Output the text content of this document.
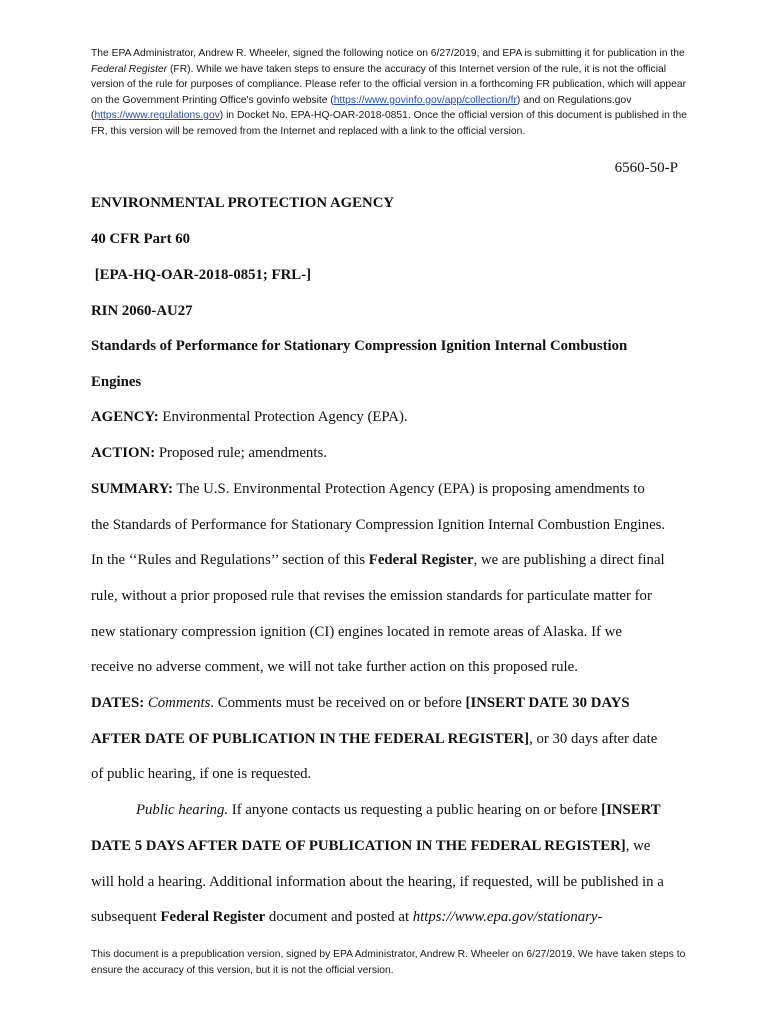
The EPA Administrator, Andrew R. Wheeler, signed the following notice on 6/27/2019, and EPA is submitting it for publication in the Federal Register (FR). While we have taken steps to ensure the accuracy of this Internet version of the rule, it is not the official version of the rule for purposes of compliance. Please refer to the official version in a forthcoming FR publication, which will appear on the Government Printing Office's govinfo website (https://www.govinfo.gov/app/collection/fr) and on Regulations.gov (https://www.regulations.gov) in Docket No. EPA-HQ-OAR-2018-0851. Once the official version of this document is published in the FR, this version will be removed from the Internet and replaced with a link to the official version.
6560-50-P
ENVIRONMENTAL PROTECTION AGENCY
40 CFR Part 60
[EPA-HQ-OAR-2018-0851; FRL-]
RIN 2060-AU27
Standards of Performance for Stationary Compression Ignition Internal Combustion
Engines
AGENCY: Environmental Protection Agency (EPA).
ACTION: Proposed rule; amendments.
SUMMARY: The U.S. Environmental Protection Agency (EPA) is proposing amendments to
the Standards of Performance for Stationary Compression Ignition Internal Combustion Engines.
In the ‘‘Rules and Regulations’’ section of this Federal Register, we are publishing a direct final
rule, without a prior proposed rule that revises the emission standards for particulate matter for
new stationary compression ignition (CI) engines located in remote areas of Alaska. If we
receive no adverse comment, we will not take further action on this proposed rule.
DATES: Comments. Comments must be received on or before [INSERT DATE 30 DAYS
AFTER DATE OF PUBLICATION IN THE FEDERAL REGISTER], or 30 days after date
of public hearing, if one is requested.
Public hearing. If anyone contacts us requesting a public hearing on or before [INSERT
DATE 5 DAYS AFTER DATE OF PUBLICATION IN THE FEDERAL REGISTER], we
will hold a hearing. Additional information about the hearing, if requested, will be published in a
subsequent Federal Register document and posted at https://www.epa.gov/stationary-
This document is a prepublication version, signed by EPA Administrator, Andrew R. Wheeler on 6/27/2019. We have taken steps to ensure the accuracy of this version, but it is not the official version.
